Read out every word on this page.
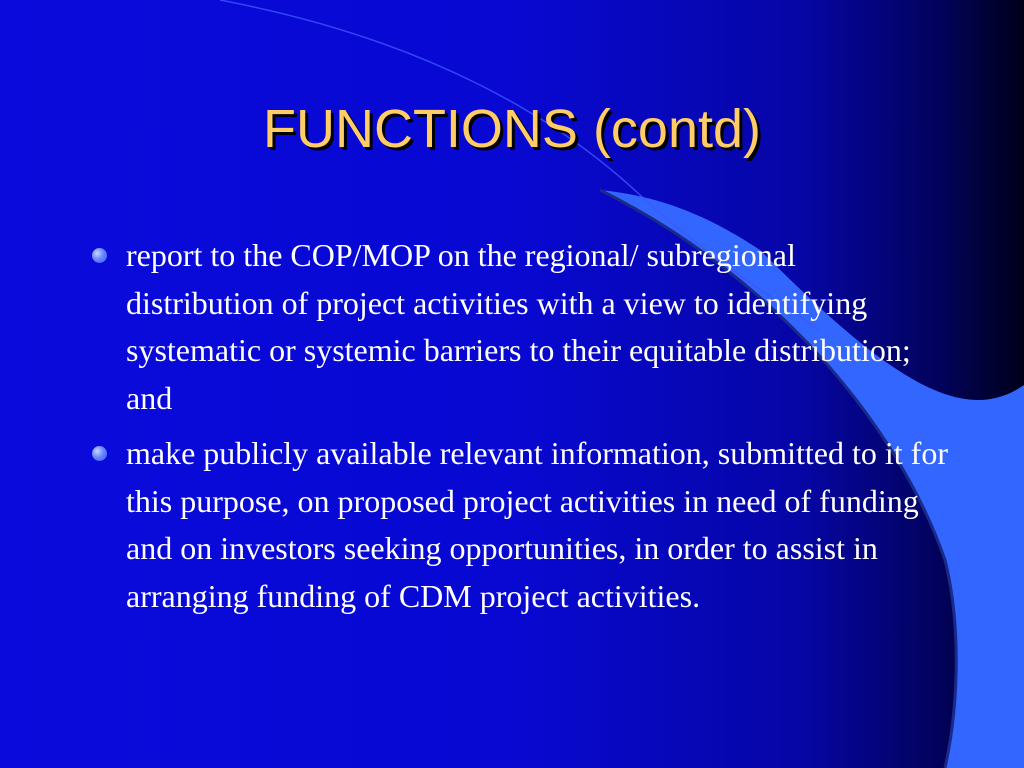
FUNCTIONS (contd)
report to the COP/MOP on the regional/ subregional distribution of project activities with a view to identifying systematic or systemic barriers to their equitable distribution; and
make publicly available relevant information, submitted to it for this purpose, on proposed project activities in need of funding and on investors seeking opportunities, in order to assist in arranging funding of CDM project activities.
